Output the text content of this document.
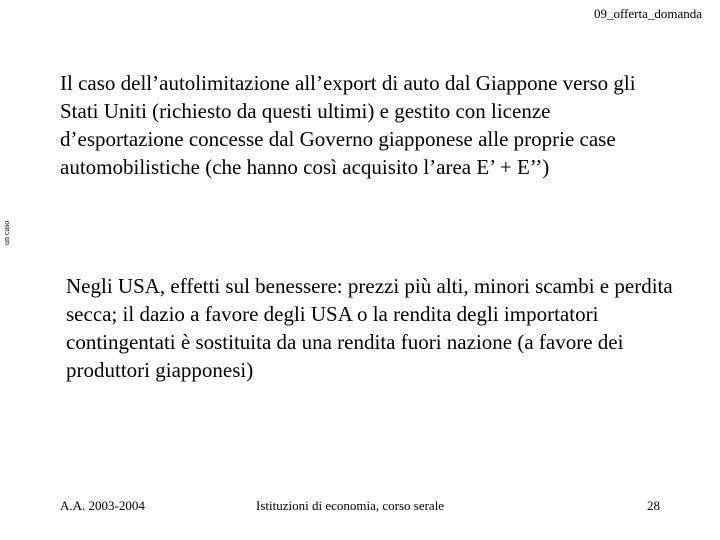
09_offerta_domanda
un caso
Il caso dell’autolimitazione all’export di auto dal Giappone verso gli Stati Uniti (richiesto da questi ultimi) e gestito con licenze d’esportazione concesse dal Governo giapponese alle proprie case automobilistiche (che hanno così acquisito l’area E’ + E’’)
Negli USA, effetti sul benessere: prezzi più alti, minori scambi e perdita secca; il dazio a favore degli USA o la rendita degli importatori contingentati è sostituita da una rendita fuori nazione (a favore dei produttori giapponesi)
A.A. 2003-2004	Istituzioni di economia, corso serale	28
